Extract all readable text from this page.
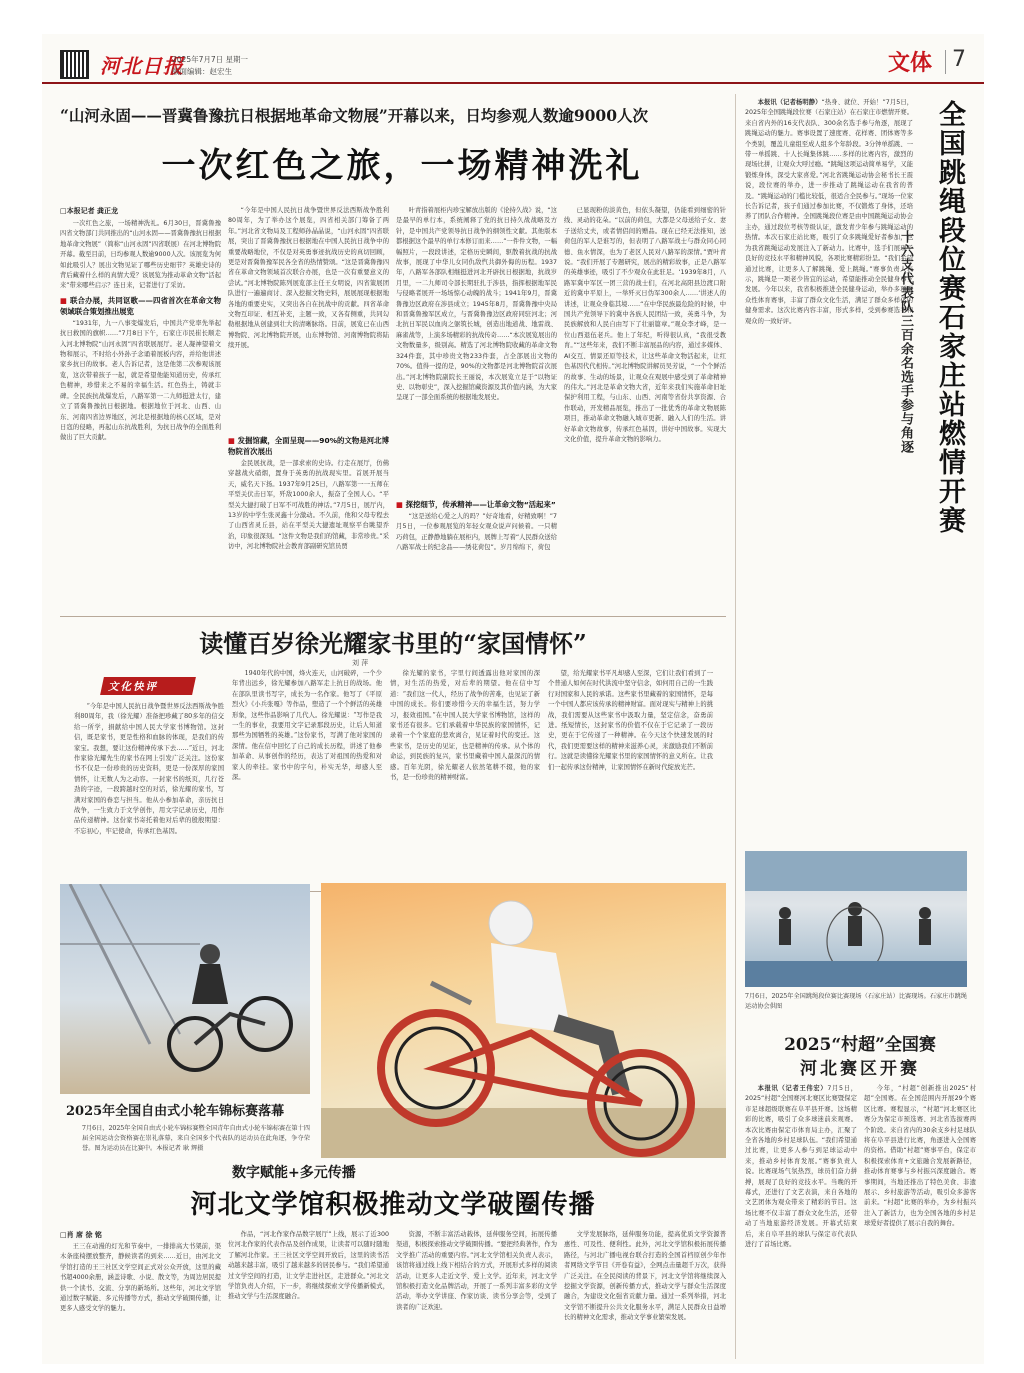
河北日报
2025年7月7日 星期一
版面编辑：赵宏生	文体 7
“山河永固——晋冀鲁豫抗日根据地革命文物展”开幕以来，日均参观人数逾9000人次
一次红色之旅，一场精神洗礼
□本报记者 龚正龙

一次红色之旅，一场精神洗礼。6月30日，晋冀鲁豫四省文物部门共同推出的“山河永固——晋冀鲁豫抗日根据地革命文物展”（简称“山河永固”四省联展）在河北博物院开幕。截至目前，日均参观人数逾9000人次。该展览为何如此吸引人？展出文物见证了哪些历史细节？英雄史诗的背后藏着什么样的真情大爱？该展览为推动革命文物“活起来”带来哪些启示？连日来，记者进行了采访。

■ 联合办展，共同讴歌——四省首次在革命文物领域联合策划推出展览

“1931年，九一八事变爆发后，中国共产党率先举起抗日救国的旗帜……”7月8日下午，石家庄市民崔长顺走入河北博物院“山河永固”四省联展展厅。老人凝神望着文物和展示，不时给小外孙子念诵着展板内容，并给他讲述家乡抗日的故事。老人告诉记者，这是他第二次参观该展览，这次带着孩子一起，就是希望他能知道历史，传承红色精神，珍惜来之不易的幸福生活。红色热土，铸就丰碑。全民族抗战爆发后，八路军第一二九师挺进太行，建立了晋冀鲁豫抗日根据地。根据地位于河北、山西、山东、河南四省边界地区，河北是根据地的核心区域，是对日寇的侵略，再起山东抗战胜利，为抗日战争的全面胜利做出了巨大贡献。

“今年是中国人民抗日战争暨世界反法西斯战争胜利80周年，为了举办这个展览，四省相关部门筹备了两年。”河北省文物局及工程师孙晶晶说，“山河永固”四省联展，突出了晋冀鲁豫抗日根据地在中国人民抗日战争中的重要战略地位，不仅是对英勇事迹抗战历史的真切回顾，更是对晋冀鲁豫军民各全省的热情赞颂。“这是晋冀鲁豫四省在革命文物领域首次联合办展，也是一次有重要意义的尝试。”河北博物院陈列展览部主任王女明说，四省策展团队进行一遍遍商讨、深入挖掘文物史料，展展展现根据地各地的重要史实，又突出各自在抗战中的贡献。四省革命文物互印证、相互补充，主题一致，又各有侧重，共同勾勒根据地从创建到壮大的清晰脉络。目前，展览已在山西博物院、河北博物院开展，山东博物馆、河南博物院将陆续开展。

■ 发掘馆藏，全面呈现——90%的文物是河北博物院首次展出

金民展抗战，是一部求索的史诗。行走在展厅，仿佛穿越战火硝烟，置身于英勇的抗战现实里。首展开展当天，威名天下扬。1937年9月25日，八路军第一一五师在平型关伏击日军，歼敌1000余人，振奋了全国人心。“平型关大捷打破了日军不可战胜的神话。”7月5日，展厅内，13岁的中学生张灵鑫十分激动。不久前，他和父母专程去了山西省灵丘县，站在平型关大捷遗址观察平台眺望乔治，印象很深刻。“这件文物是我们的馆藏，非常珍贵。”采访中，河北博物院社会教育部副研究馆员贾

叶青指着展柜内珍宝解放出版的《论持久战》说，“这是最早的单行本，系统阐释了党的抗日持久战战略及方针，是中国共产党领导抗日战争的纲领性文献。其他版本都根据这个最早的单行本修订而来……”一件件文物，一幅幅照片，一段段讲述，定格历史瞬间，驱散着抗战的抗战故事，展现了中华儿女同仇敌忾共御外侮的历程。1937年，八路军各部队相继挺进河北开辟抗日根据地，抗战岁月里，一二九师司令部长期驻扎于涉县，指挥根据地军民与侵略者展开一场场惊心动魄的战斗；1941年9月，晋冀鲁豫边区政府在涉县成立；1945年8月，晋冀鲁豫中央局和晋冀鲁豫军区成立，与晋冀鲁豫边区政府同驻河北；河北抗日军民以血肉之躯筑长城，创造出地道战、地雷战、麻雀战等，上演多场精彩的抗战传奇……“本次展览展出的文物数量多，级别高。精选了河北博物院收藏的革命文物324件套，其中珍贵文物233件套，占全部展出文物的70%。值得一提的是，90%的文物都是河北博物院首次展出。”河北博物院副院长王丽说，本次展览立足于“以物证史、以物彰史”，深入挖掘馆藏资源及其价值内涵，为大家呈现了一部全面系统的根据地发展史。

■ 探挖细节，传承精神——让革命文物“活起来”

“这是送给心爱之人的吗？”好奇地看，好精致啊！”7月5日，一位参观展览的年轻女观众说声问候着。一只精巧荷包，正静静地躺在展柜内，展牌上写着“人民群众送给八路军战士的纪念品——绣花荷包”。岁月绵绵下，荷包

已显现粉的淡黄色，但依头凝望，仍能看到细密的针线、灵动的花朵。“以前的荷包，大都是父母送给子女、妻子送给丈夫，或者情侣间的赠品。现在已经无法推知，送荷包的军人是谁写的，但表明了八路军战士与群众同心同德、鱼水情深，也为了老区人民对八路军的深情。”贾叶青说。“我们开展了专题研究，展出的精彩故事，正是八路军的英雄事迹，吸引了不少观众在此驻足。‘1939年8月，八路军冀中军区一团三营的战士们，在河北高阳县边渡口附近的冀中平原上，一举歼灭日伪军300余人……’讲述人的讲述，让观众身临其境……“在中华民族最危险的时候，中国共产党领导下的冀中各族人民团结一致，英勇斗争，为民族解放和人民自由写下了壮丽篇章。”观众李才峰，是一位山西退伍老兵。他上了年纪，听得很认真，“我很受教育。”“这些年来，我们不断丰富展品的内容，通过多媒体、AI交互、情景还原等技术，让这些革命文物活起来，让红色基因代代相传。”河北博物院讲解员吴芳说，“一个个鲜活的故事、生动的场景，让观众在观展中感受到了革命精神的伟大。”河北是革命文物大省，近年来我们实施革命旧址保护利用工程，与山东、山西、河南等省份共享资源、合作联动，开发精品展览，推出了一批优秀的革命文物展陈项目，推动革命文物融入城市更新、融入人们的生活。讲好革命文物故事，传承红色基因，讲好中国故事。实现大文化价值，提升革命文物的影响力。

读懂百岁徐光耀家书里的“家国情怀”
刘 萍
文化快评

“今年是中国人民抗日战争暨世界反法西斯战争胜利80周年，我（徐光耀）准备把珍藏了80多年的信交给一所学，捐献给中国人民大学家书博物馆。这封信，既是家书，更是性格和血脉的体现，是我们的传家宝。我想，要让这份精神传承下去……”近日，河北作家徐光耀先生的家书在网上引发广泛关注。这份家书不仅是一份珍贵的历史资料，更是一份深厚的家国情怀，让无数人为之动容。一封家书的纸页，几行苍劲的字迹，一段跨越时空的对话，徐光耀的家书，写满对家国的眷恋与担当。他从小参加革命，亲历抗日战争，一生致力于文学创作，用文字记录历史，用作品传递精神。这份家书寄托着他对后辈的殷殷期望：不忘初心，牢记使命，传承红色基因。

1940年代的中国，烽火连天，山河破碎，一个少年背出远乡，徐光耀参加八路军走上抗日的战场。他在部队里读书写字，成长为一名作家。他写了《平原烈火》《小兵张嘎》等作品，塑造了一个个鲜活的英雄形象，这些作品影响了几代人。徐光耀说：“写作是我一生的事业，我要用文字记录那段历史，让后人知道那些为国牺牲的英雄。”这份家书，写满了他对家国的深情。他在信中回忆了自己的成长历程，讲述了他参加革命、从事创作的经历，表达了对祖国的热爱和对家人的牵挂。家书中的字句，朴实无华，却感人至深。

徐光耀的家书，字里行间透露出他对家国的深情，对生活的热爱，对后辈的期望。他在信中写道：“我们这一代人，经历了战争的苦难，也见证了新中国的成长。你们要珍惜今天的幸福生活，努力学习，报效祖国。”在中国人民大学家书博物馆，这样的家书还有很多。它们承载着中华民族的家国情怀，记录着一个个家庭的悲欢离合，见证着时代的变迁。这些家书，是历史的见证，也是精神的传承。从个体的命运，到民族的复兴，家书里藏着中国人最深沉的情感。百年光阴，徐光耀老人依然笔耕不辍，他的家书，是一份珍贵的精神财富。

望，给光耀家书平凡却感人至深，它们让我们看到了一个普通人如何在时代洪流中坚守信念，如何用自己的一生践行对国家和人民的承诺。这些家书里藏着的家国情怀，是每一个中国人都应该传承的精神财富。面对现实与精神上的挑战，我们需要从这些家书中汲取力量，坚定信念，奋勇前进。纸短情长，这封家书的价值不仅在于它记录了一段历史，更在于它传递了一种精神。在今天这个快速发展的时代，我们更需要这样的精神来滋养心灵，来激励我们不断前行。这就是读懂徐光耀家书里的家国情怀的意义所在。让我们一起传承这份精神，让家国情怀在新时代绽放光芒。

2025年全国自由式小轮车锦标赛落幕
7月6日，2025年全国自由式小轮车锦标赛暨全国青年自由式小轮车锦标赛在第十四届全国运动会资格赛在崇礼落幕，来自全国多个代表队的运动员在此角逐，争夺荣誉。图为运动员在比赛中。本报记者 耿 辉摄
数字赋能+多元传播
河北文学馆积极推动文学破圈传播
□肖 席 徐 铭

王三在动漫的灯光和节奏中，一排排高大书架前，渠木条座椅摆放整齐，静候读者的到来……近日，由河北文学馆打造的王三社区文学空间正式对公众开放，这里的藏书超4000余册，涵盖诗歌、小说、散文等，为周边居民提供一个读书、交流、分享的新场所。这些年，河北文学馆通过数字赋能、多元传播等方式，推动文学破圈传播，让更多人感受文学的魅力。

作品，“河北作家作品数字展厅”上线，展示了近300位河北作家的代表作品及创作成果，让读者可以随时随地了解河北作家。王三社区文学空间开放后，这里的读书活动越来越丰富，吸引了越来越多的居民参与。“我们希望通过文学空间的打造，让文学走进社区，走进群众。”河北文学馆负责人介绍，下一步，将继续探索文学传播新模式，推动文学与生活深度融合。

资源，不断丰富活动载体，延伸服务空间，拓展传播渠道，积极探索推动文学破圈传播。“要把经典著作，作为文学推广活动的重要内容。”河北文学馆相关负责人表示，该馆将通过线上线下相结合的方式，开展形式多样的阅读活动，让更多人走近文学、爱上文学。近年来，河北文学馆积极打造文化品牌活动，开展了一系列丰富多彩的文学活动，举办文学讲座、作家访谈、读书分享会等，受到了读者的广泛欢迎。

文学发展脉络，延伸服务功能，提高优质文学资源普惠性、可及性、便利性。此外，河北文学馆积极拓展传播路径，与河北广播电视台联合打造的全国首档原创少年作者网络文学节目《开卷有益》，全网点击量超千万次，获得广泛关注。在全民阅读的背景下，河北文学馆将继续深入挖掘文学资源，创新传播方式，推动文学与群众生活深度融合，为建设文化强省贡献力量。通过一系列举措，河北文学馆不断提升公共文化服务水平，满足人民群众日益增长的精神文化需求，推动文学事业繁荣发展。

本报讯（记者杨明静）“热身、就位、开始！”7月5日，2025年全国跳绳段位赛（石家庄站）在石家庄市燃情开赛。来自省内外的16支代表队、300余名选手参与角逐，展现了跳绳运动的魅力。赛事设置了速度赛、花样赛、团体赛等多个类别，覆盖儿童组至成人组多个年龄段。3分钟单摇跳、一带一单摇跳、十人长绳集体跳……多样的比赛内容，激烈的现场比拼，让观众大呼过瘾。“跳绳这项运动简单易学，又能锻炼身体，深受大家喜爱。”河北省跳绳运动协会秘书长王震说，段位赛的举办，进一步推动了跳绳运动在我省的普及。“跳绳运动的门槛比较低，很适合全民参与。”现场一位家长告诉记者，孩子们通过参加比赛，不仅锻炼了身体，还培养了团队合作精神。全国跳绳段位赛是由中国跳绳运动协会主办，通过段位考核等级认证，激发青少年参与跳绳运动的热情。本次石家庄站比赛，吸引了众多跳绳爱好者参加，也为我省跳绳运动发展注入了新动力。比赛中，选手们展现了良好的竞技水平和精神风貌，各项比赛精彩纷呈。“我们希望通过比赛，让更多人了解跳绳、爱上跳绳。”赛事负责人表示，跳绳是一项老少皆宜的运动，希望能推动全民健身事业发展。今年以来，我省积极推进全民健身运动，举办多项群众性体育赛事，丰富了群众文化生活，满足了群众多样化的健身需求。这次比赛内容丰富，形式多样，受到参赛选手和观众的一致好评。	全国跳绳段位赛石家庄站燃情开赛
十六支代表队三百余名选手参与角逐
7月6日，2025年全国跳绳段位赛比赛现场（石家庄站）比赛现场。石家庄市跳绳运动协会供图
2025“村超”全国赛
河北赛区开赛

本报讯（记者王伟宏）7月5日，2025“村超”全国赛河北赛区比赛暨保定市足球超级联赛在阜平县开赛。这场精彩的比赛，吸引了众多球迷前来观赛。本次比赛由保定市体育局主办，汇聚了全省各地的乡村足球队伍。“我们希望通过比赛，让更多人参与到足球运动中来，推动乡村体育发展。”赛事负责人说。比赛现场气氛热烈，球员们奋力拼搏，展现了良好的竞技水平。当晚的开幕式，还进行了文艺表演，来自各地的文艺团体为观众带来了精彩的节目。这场比赛不仅丰富了群众文化生活，还带动了当地旅游经济发展。开幕式结束后，来自阜平县的球队与保定市代表队进行了首场比赛。

今年，“村超”创新推出2025“村超”全国赛。在全国范围内开展29个赛区比赛。赛程显示，“村超”河北赛区比赛分为保定市预选赛、河北省选拔赛两个阶段。来自省内的30余支乡村足球队将在阜平县进行比赛，角逐进入全国赛的资格。借助“村超”赛事平台，保定市积极探索体育+文旅融合发展新路径，推动体育赛事与乡村振兴深度融合。赛事期间，当地还推出了特色美食、非遗展示、乡村旅游等活动，吸引众多游客前来。“村超”比赛的举办，为乡村振兴注入了新活力，也为全国各地的乡村足球爱好者提供了展示自我的舞台。
